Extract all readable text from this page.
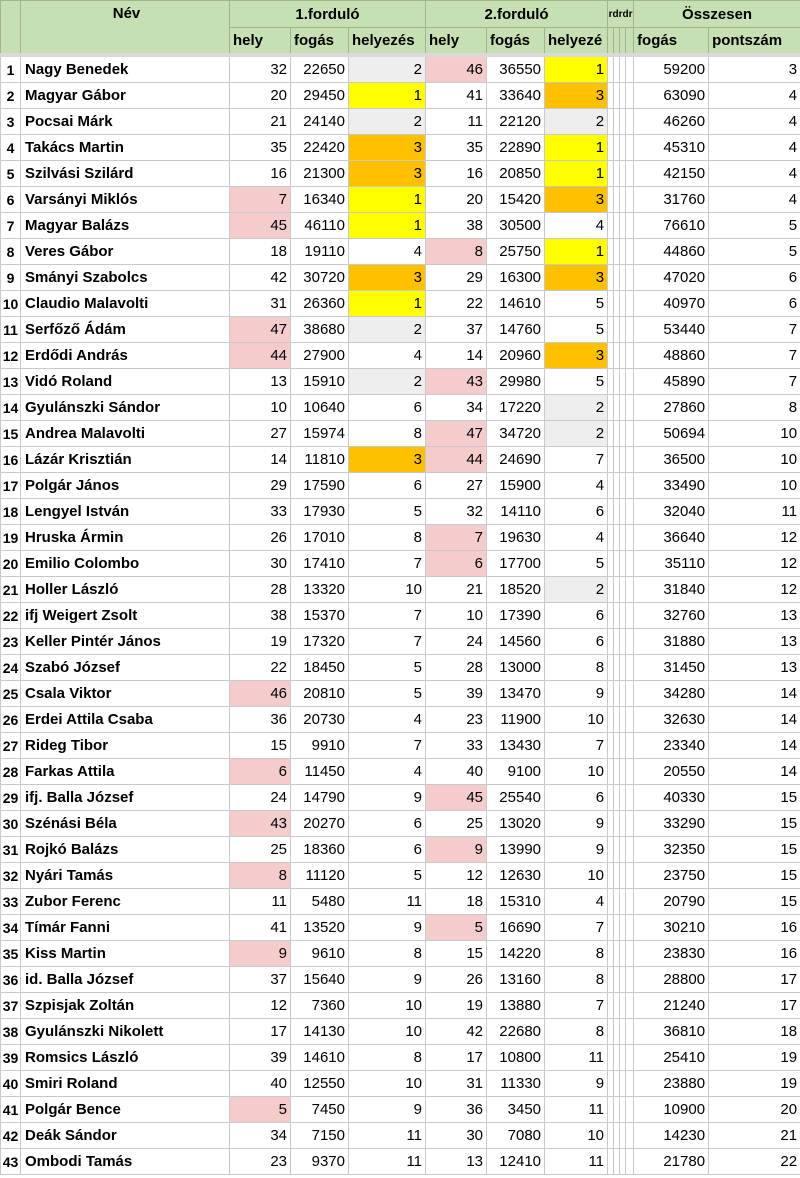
	Név	1.forduló			2.forduló			rdrdr				Összesen	
		hely	fogás	helyezés	hely	fogás	helyezé					fogás	pontszám
1	Nagy Benedek	32	22650	2	46	36550	1					59200	3
2	Magyar Gábor	20	29450	1	41	33640	3					63090	4
3	Pocsai Márk	21	24140	2	11	22120	2					46260	4
4	Takács Martin	35	22420	3	35	22890	1					45310	4
5	Szilvási Szilárd	16	21300	3	16	20850	1					42150	4
6	Varsányi Miklós	7	16340	1	20	15420	3					31760	4
7	Magyar Balázs	45	46110	1	38	30500	4					76610	5
8	Veres Gábor	18	19110	4	8	25750	1					44860	5
9	Smányi Szabolcs	42	30720	3	29	16300	3					47020	6
10	Claudio Malavolti	31	26360	1	22	14610	5					40970	6
11	Serfőző Ádám	47	38680	2	37	14760	5					53440	7
12	Erdődi András	44	27900	4	14	20960	3					48860	7
13	Vidó Roland	13	15910	2	43	29980	5					45890	7
14	Gyulánszki Sándor	10	10640	6	34	17220	2					27860	8
15	Andrea Malavolti	27	15974	8	47	34720	2					50694	10
16	Lázár Krisztián	14	11810	3	44	24690	7					36500	10
17	Polgár János	29	17590	6	27	15900	4					33490	10
18	Lengyel István	33	17930	5	32	14110	6					32040	11
19	Hruska Ármin	26	17010	8	7	19630	4					36640	12
20	Emilio Colombo	30	17410	7	6	17700	5					35110	12
21	Holler László	28	13320	10	21	18520	2					31840	12
22	ifj Weigert Zsolt	38	15370	7	10	17390	6					32760	13
23	Keller Pintér János	19	17320	7	24	14560	6					31880	13
24	Szabó József	22	18450	5	28	13000	8					31450	13
25	Csala Viktor	46	20810	5	39	13470	9					34280	14
26	Erdei Attila Csaba	36	20730	4	23	11900	10					32630	14
27	Rideg Tibor	15	9910	7	33	13430	7					23340	14
28	Farkas Attila	6	11450	4	40	9100	10					20550	14
29	ifj. Balla József	24	14790	9	45	25540	6					40330	15
30	Szénási Béla	43	20270	6	25	13020	9					33290	15
31	Rojkó Balázs	25	18360	6	9	13990	9					32350	15
32	Nyári Tamás	8	11120	5	12	12630	10					23750	15
33	Zubor Ferenc	11	5480	11	18	15310	4					20790	15
34	Tímár Fanni	41	13520	9	5	16690	7					30210	16
35	Kiss Martin	9	9610	8	15	14220	8					23830	16
36	id. Balla József	37	15640	9	26	13160	8					28800	17
37	Szpisjak Zoltán	12	7360	10	19	13880	7					21240	17
38	Gyulánszki Nikolett	17	14130	10	42	22680	8					36810	18
39	Romsics László	39	14610	8	17	10800	11					25410	19
40	Smiri Roland	40	12550	10	31	11330	9					23880	19
41	Polgár Bence	5	7450	9	36	3450	11					10900	20
42	Deák Sándor	34	7150	11	30	7080	10					14230	21
43	Ombodi Tamás	23	9370	11	13	12410	11					21780	22
